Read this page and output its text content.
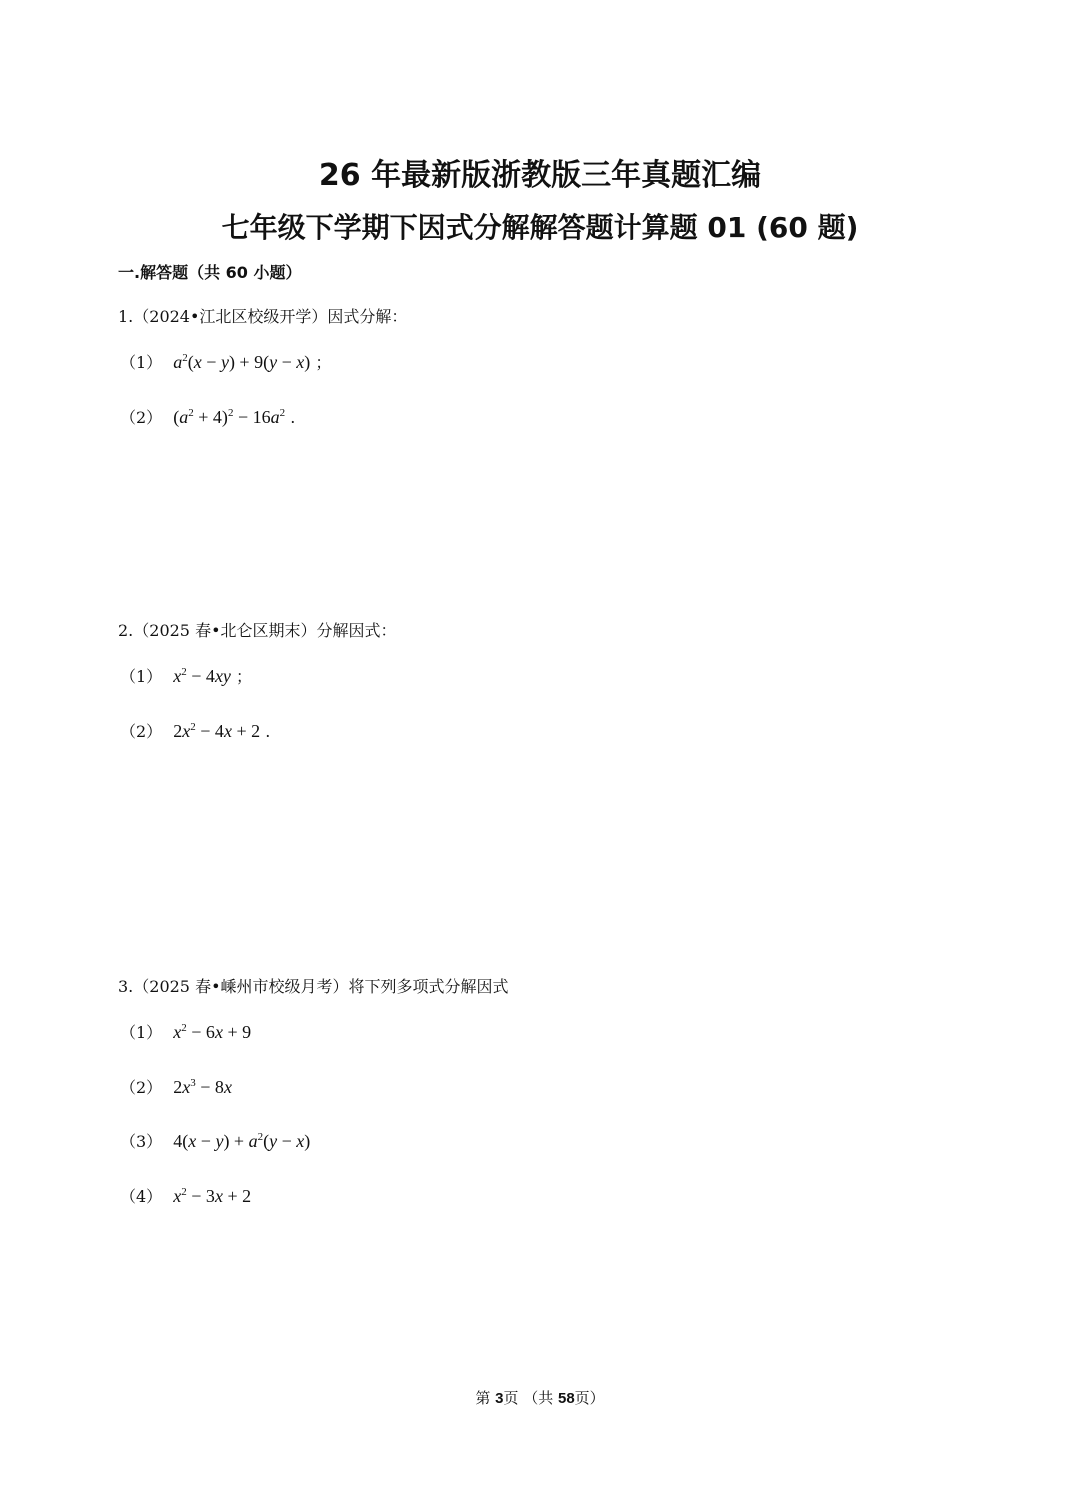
26 年最新版浙教版三年真题汇编
七年级下学期下因式分解解答题计算题 01 (60 题)
一.解答题（共 60 小题）
1.（2024•江北区校级开学）因式分解：
（1） $a^2(x - y) + 9(y - x)$ ；
（2） $(a^2 + 4)^2 - 16a^2$ .
2.（2025 春•北仑区期末）分解因式：
（1） $x^2 - 4xy$ ；
（2） $2x^2 - 4x + 2$ .
3.（2025 春•嵊州市校级月考）将下列多项式分解因式
（1） $x^2 - 6x + 9$
（2） $2x^3 - 8x$
（3） $4(x - y) + a^2(y - x)$
（4） $x^2 - 3x + 2$
第 3页 （共 58页）
